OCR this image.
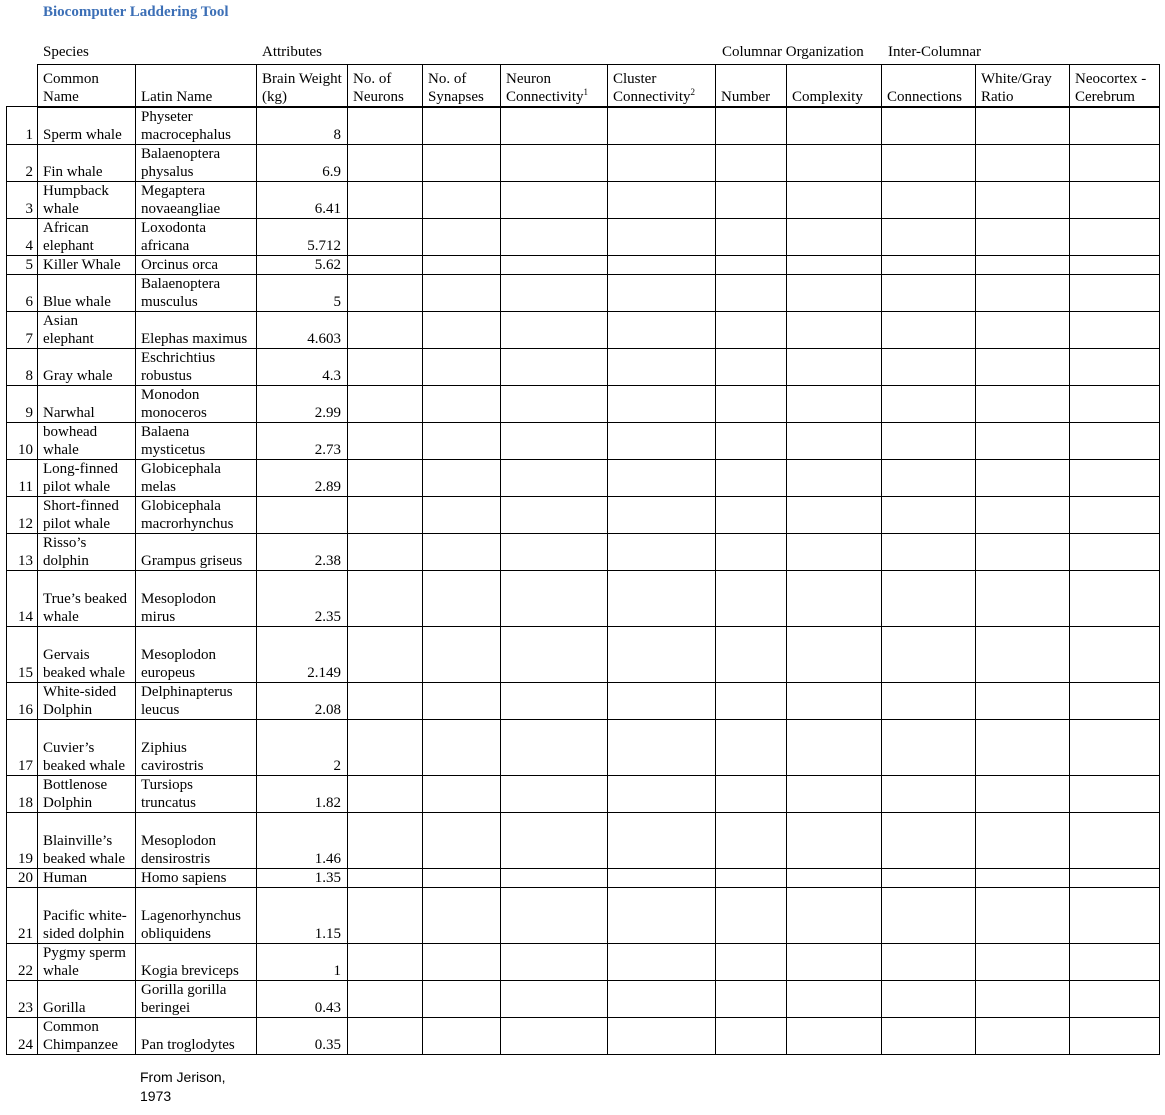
Biocomputer Laddering Tool
Species	Attributes	Columnar Organization Inter-Columnar
	Common Name	Latin Name	Brain Weight (kg)	No. of Neurons	No. of Synapses	Neuron Connectivity$^1$	Cluster Connectivity$^2$	Number	Complexity	Connections	White/Gray Ratio	Neocortex - Cerebrum
1	Sperm whale	Physeter macrocephalus	8									
2	Fin whale	Balaenoptera physalus	6.9									
3	Humpback whale	Megaptera novaeangliae	6.41									
4	African elephant	Loxodonta africana	5.712									
5	Killer Whale	Orcinus orca	5.62									
6	Blue whale	Balaenoptera musculus	5									
7	Asian elephant	Elephas maximus	4.603									
8	Gray whale	Eschrichtius robustus	4.3									
9	Narwhal	Monodon monoceros	2.99									
10	bowhead whale	Balaena mysticetus	2.73									
11	Long-finned pilot whale	Globicephala melas	2.89									
12	Short-finned pilot whale	Globicephala macrorhynchus										
13	Risso’s dolphin	Grampus griseus	2.38									
14	True’s beaked whale	Mesoplodon mirus	2.35									
15	Gervais beaked whale	Mesoplodon europeus	2.149									
16	White-sided Dolphin	Delphinapterus leucus	2.08									
17	Cuvier’s beaked whale	Ziphius cavirostris	2									
18	Bottlenose Dolphin	Tursiops truncatus	1.82									
19	Blainville’s beaked whale	Mesoplodon densirostris	1.46									
20	Human	Homo sapiens	1.35									
21	Pacific white-sided dolphin	Lagenorhynchus obliquidens	1.15									
22	Pygmy sperm whale	Kogia breviceps	1									
23	Gorilla	Gorilla gorilla beringei	0.43									
24	Common Chimpanzee	Pan troglodytes	0.35									
From Jerison, 1973
